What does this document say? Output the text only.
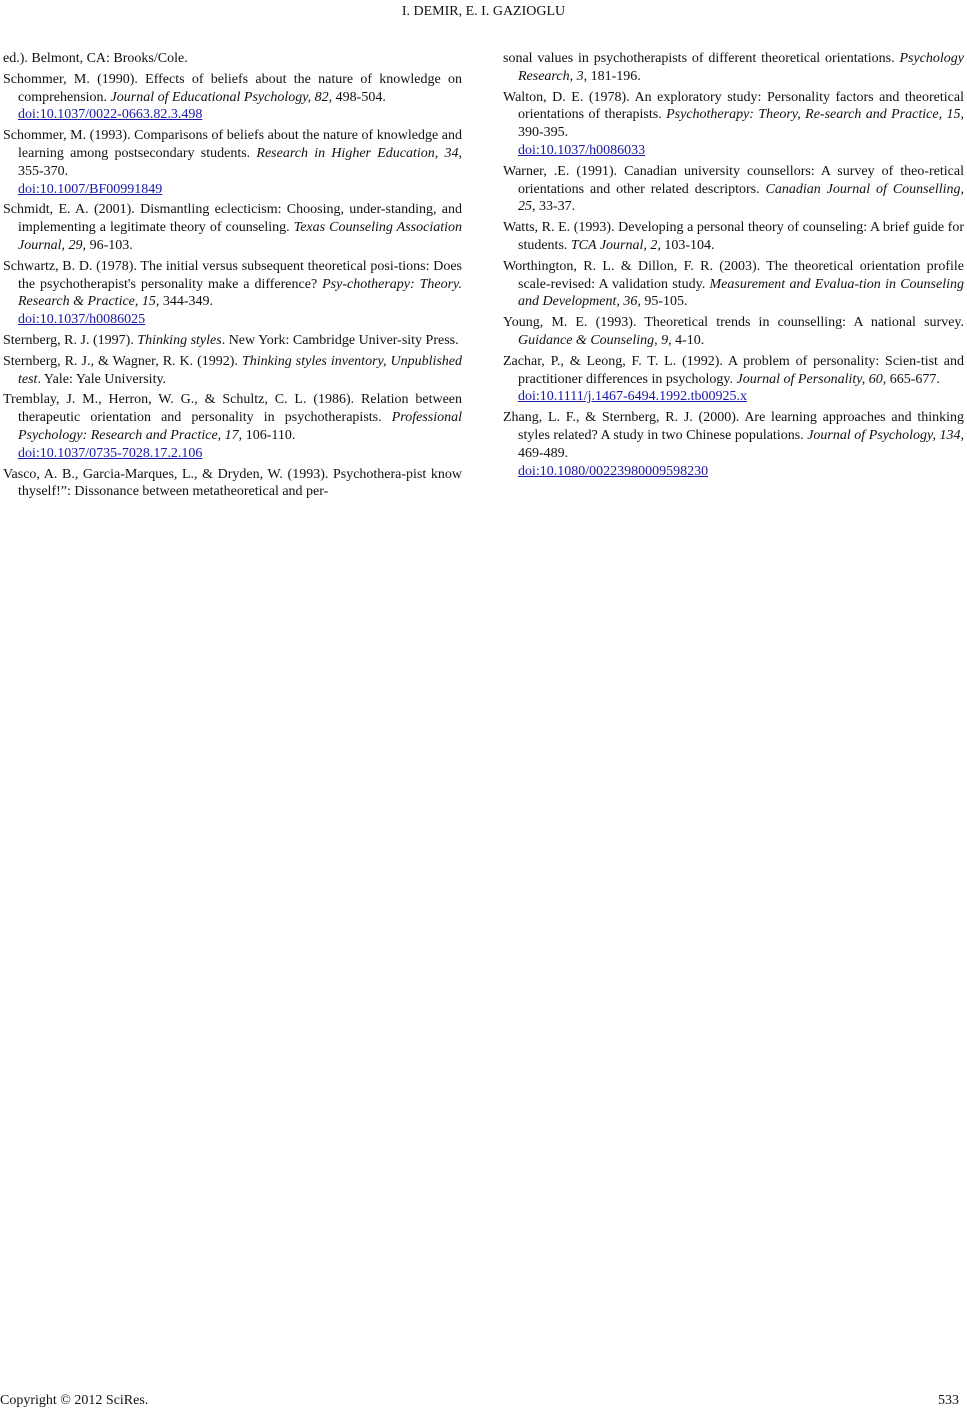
I. DEMIR, E. I. GAZIOGLU

ed.). Belmont, CA: Brooks/Cole.

Schommer, M. (1990). Effects of beliefs about the nature of knowledge on comprehension. Journal of Educational Psychology, 82, 498-504.
doi:10.1037/0022-0663.82.3.498

Schommer, M. (1993). Comparisons of beliefs about the nature of knowledge and learning among postsecondary students. Research in Higher Education, 34, 355-370.
doi:10.1007/BF00991849

Schmidt, E. A. (2001). Dismantling eclecticism: Choosing, under-standing, and implementing a legitimate theory of counseling. Texas Counseling Association Journal, 29, 96-103.

Schwartz, B. D. (1978). The initial versus subsequent theoretical posi-tions: Does the psychotherapist's personality make a difference? Psy-chotherapy: Theory. Research & Practice, 15, 344-349.
doi:10.1037/h0086025

Sternberg, R. J. (1997). Thinking styles. New York: Cambridge Univer-sity Press.

Sternberg, R. J., & Wagner, R. K. (1992). Thinking styles inventory, Unpublished test. Yale: Yale University.

Tremblay, J. M., Herron, W. G., & Schultz, C. L. (1986). Relation between therapeutic orientation and personality in psychotherapists. Professional Psychology: Research and Practice, 17, 106-110.
doi:10.1037/0735-7028.17.2.106

Vasco, A. B., Garcia-Marques, L., & Dryden, W. (1993). Psychothera-pist know thyself!”: Dissonance between metatheoretical and per-

sonal values in psychotherapists of different theoretical orientations. Psychology Research, 3, 181-196.

Walton, D. E. (1978). An exploratory study: Personality factors and theoretical orientations of therapists. Psychotherapy: Theory, Re-search and Practice, 15, 390-395.
doi:10.1037/h0086033

Warner, .E. (1991). Canadian university counsellors: A survey of theo-retical orientations and other related descriptors. Canadian Journal of Counselling, 25, 33-37.

Watts, R. E. (1993). Developing a personal theory of counseling: A brief guide for students. TCA Journal, 2, 103-104.

Worthington, R. L. & Dillon, F. R. (2003). The theoretical orientation profile scale-revised: A validation study. Measurement and Evalua-tion in Counseling and Development, 36, 95-105.

Young, M. E. (1993). Theoretical trends in counselling: A national survey. Guidance & Counseling, 9, 4-10.

Zachar, P., & Leong, F. T. L. (1992). A problem of personality: Scien-tist and practitioner differences in psychology. Journal of Personality, 60, 665-677.
doi:10.1111/j.1467-6494.1992.tb00925.x

Zhang, L. F., & Sternberg, R. J. (2000). Are learning approaches and thinking styles related? A study in two Chinese populations. Journal of Psychology, 134, 469-489.
doi:10.1080/00223980009598230

Copyright © 2012 SciRes.	533
